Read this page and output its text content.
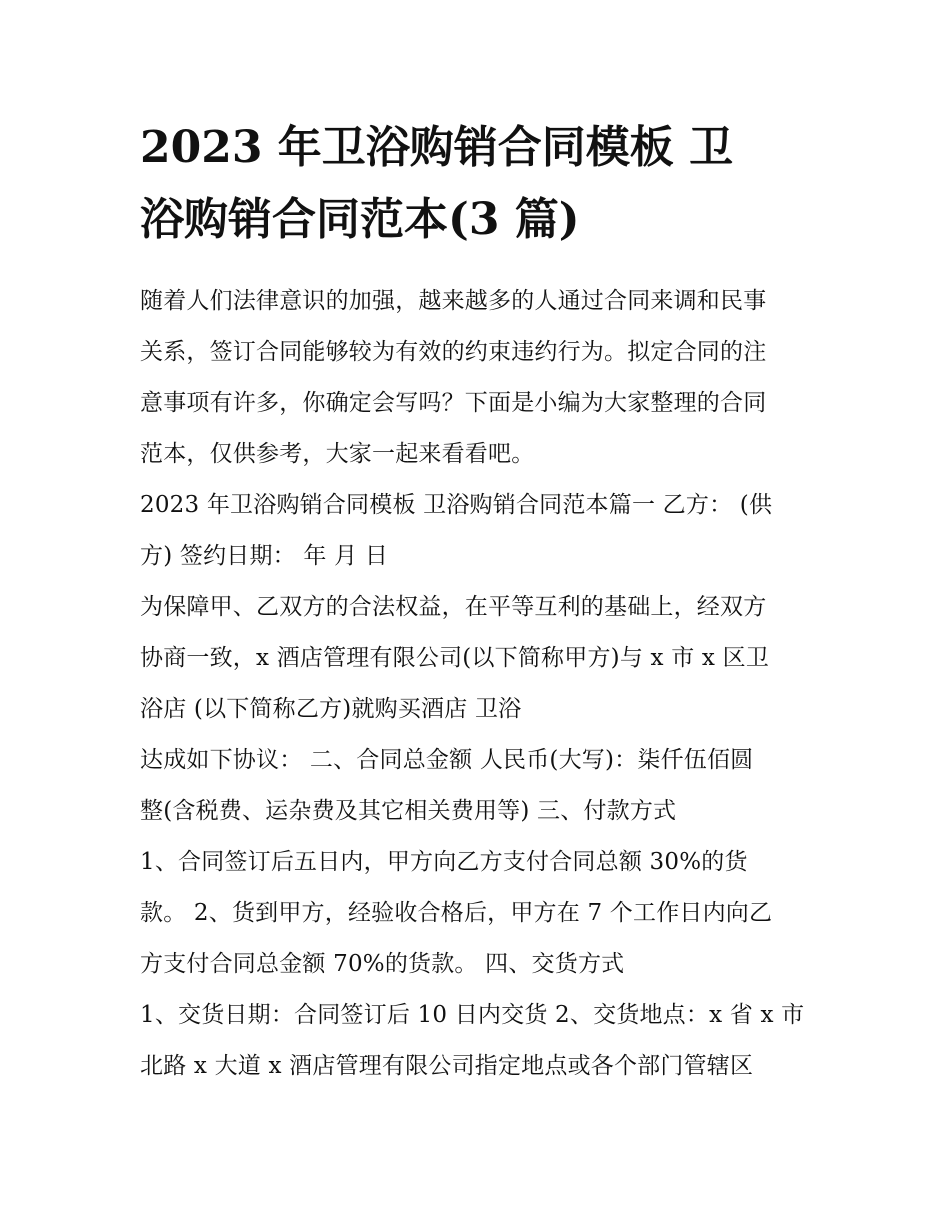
2023 年卫浴购销合同模板 卫
浴购销合同范本(3 篇)
随着人们法律意识的加强，越来越多的人通过合同来调和民事
关系，签订合同能够较为有效的约束违约行为。拟定合同的注
意事项有许多，你确定会写吗？下面是小编为大家整理的合同
范本，仅供参考，大家一起来看看吧。
2023 年卫浴购销合同模板 卫浴购销合同范本篇一 乙方： (供
方) 签约日期： 年 月 日
为保障甲、乙双方的合法权益，在平等互利的基础上，经双方
协商一致，x 酒店管理有限公司(以下简称甲方)与 x 市 x 区卫
浴店 (以下简称乙方)就购买酒店 卫浴
达成如下协议： 二、合同总金额 人民币(大写)：柒仟伍佰圆
整(含税费、运杂费及其它相关费用等) 三、付款方式
1、合同签订后五日内，甲方向乙方支付合同总额 30%的货
款。 2、货到甲方，经验收合格后，甲方在 7 个工作日内向乙
方支付合同总金额 70%的货款。 四、交货方式
1、交货日期：合同签订后 10 日内交货 2、交货地点：x 省 x 市
北路 x 大道 x 酒店管理有限公司指定地点或各个部门管辖区
